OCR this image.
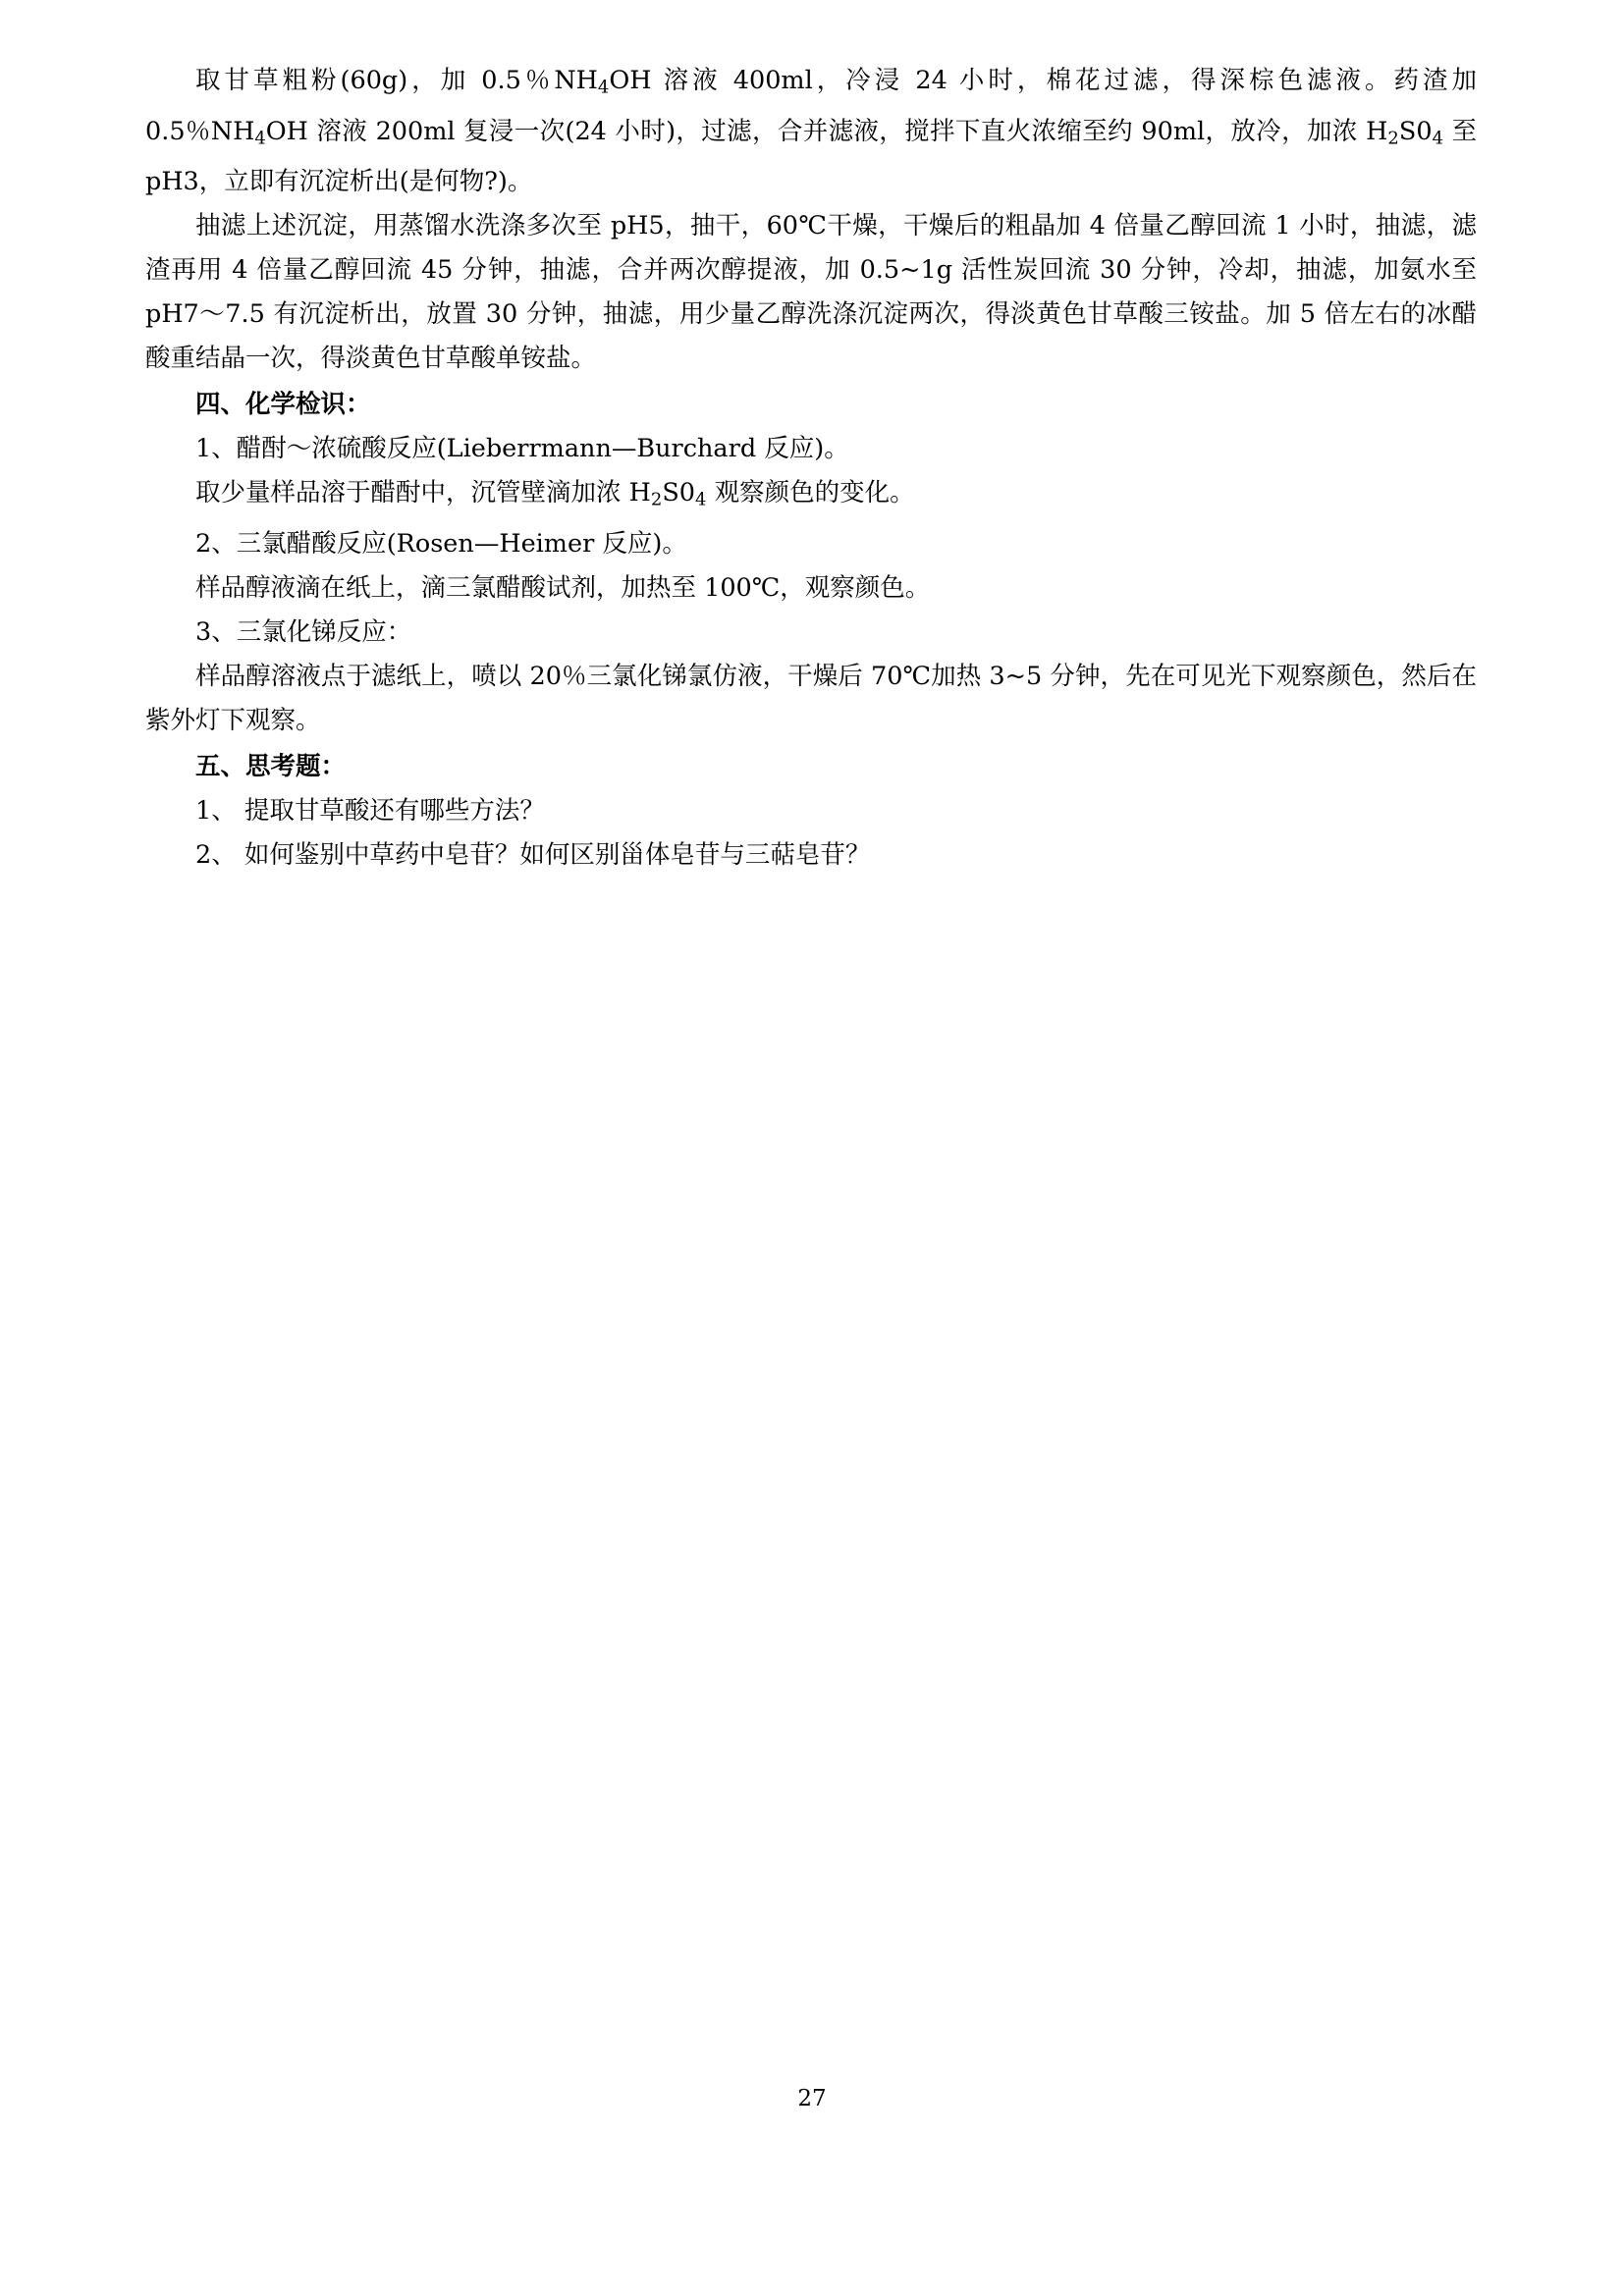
取甘草粗粉(60g)，加 0.5％$NH_4OH$ 溶液 400ml，冷浸 24 小时，棉花过滤，得深棕色滤液。药渣加 0.5％$NH_4OH$ 溶液 200ml 复浸一次(24 小时)，过滤，合并滤液，搅拌下直火浓缩至约 90ml，放冷，加浓 $H_2S0_4$ 至 pH3，立即有沉淀析出(是何物?)。

抽滤上述沉淀，用蒸馏水洗涤多次至 pH5，抽干，60℃干燥，干燥后的粗晶加 4 倍量乙醇回流 1 小时，抽滤，滤渣再用 4 倍量乙醇回流 45 分钟，抽滤，合并两次醇提液，加 0.5~1g 活性炭回流 30 分钟，冷却，抽滤，加氨水至 pH7～7.5 有沉淀析出，放置 30 分钟，抽滤，用少量乙醇洗涤沉淀两次，得淡黄色甘草酸三铵盐。加 5 倍左右的冰醋酸重结晶一次，得淡黄色甘草酸单铵盐。

四、化学检识：

1、醋酎～浓硫酸反应(Lieberrmann—Burchard 反应)。

取少量样品溶于醋酎中，沉管壁滴加浓 $H_2S0_4$ 观察颜色的变化。

2、三氯醋酸反应(Rosen—Heimer 反应)。

样品醇液滴在纸上，滴三氯醋酸试剂，加热至 100℃，观察颜色。

3、三氯化锑反应：

样品醇溶液点于滤纸上，喷以 20％三氯化锑氯仿液，干燥后 70℃加热 3~5 分钟，先在可见光下观察颜色，然后在紫外灯下观察。

五、思考题：

1、 提取甘草酸还有哪些方法？

2、 如何鉴别中草药中皂苷？如何区别甾体皂苷与三萜皂苷？

27
